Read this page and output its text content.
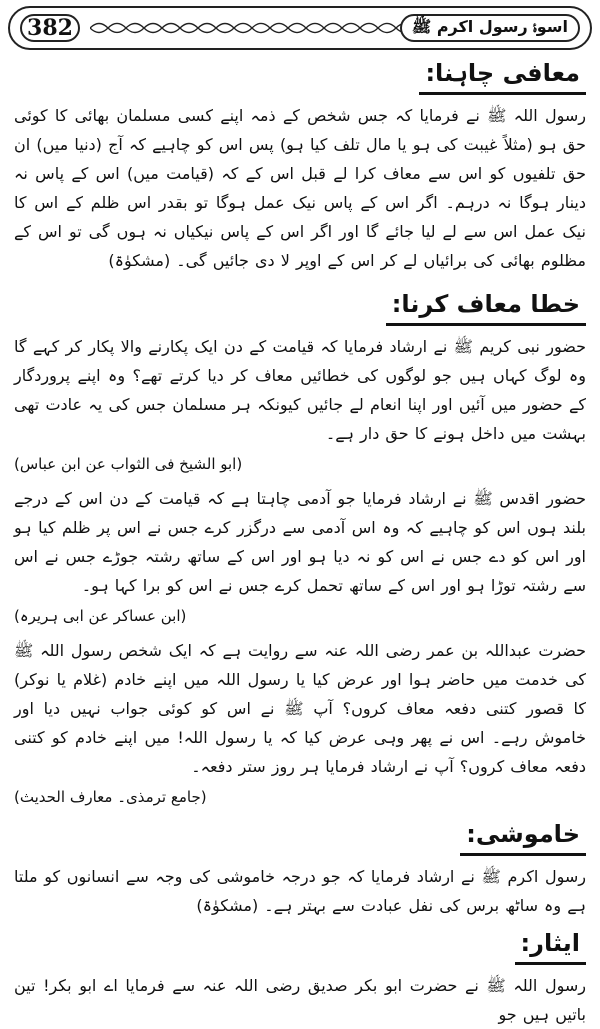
382	اسوۂ رسول اکرم ﷺ
معافی چاہنا:

رسول اللہ ﷺ نے فرمایا کہ جس شخص کے ذمہ اپنے کسی مسلمان بھائی کا کوئی حق ہو (مثلاً غیبت کی ہو یا مال تلف کیا ہو) پس اس کو چاہیے کہ آج (دنیا میں) ان حق تلفیوں کو اس سے معاف کرا لے قبل اس کے کہ (قیامت میں) اس کے پاس نہ دینار ہوگا نہ درہم۔ اگر اس کے پاس نیک عمل ہوگا تو بقدر اس ظلم کے اس کا نیک عمل اس سے لے لیا جائے گا اور اگر اس کے پاس نیکیاں نہ ہوں گی تو اس کے مظلوم بھائی کی برائیاں لے کر اس کے اوپر لا دی جائیں گی۔ (مشکوٰۃ)

خطا معاف کرنا:

حضور نبی کریم ﷺ نے ارشاد فرمایا کہ قیامت کے دن ایک پکارنے والا پکار کر کہے گا وہ لوگ کہاں ہیں جو لوگوں کی خطائیں معاف کر دیا کرتے تھے؟ وہ اپنے پروردگار کے حضور میں آئیں اور اپنا انعام لے جائیں کیونکہ ہر مسلمان جس کی یہ عادت تھی بہشت میں داخل ہونے کا حق دار ہے۔

(ابو الشیخ فی الثواب عن ابن عباس)

حضور اقدس ﷺ نے ارشاد فرمایا جو آدمی چاہتا ہے کہ قیامت کے دن اس کے درجے بلند ہوں اس کو چاہیے کہ وہ اس آدمی سے درگزر کرے جس نے اس پر ظلم کیا ہو اور اس کو دے جس نے اس کو نہ دیا ہو اور اس کے ساتھ رشتہ جوڑے جس نے اس سے رشتہ توڑا ہو اور اس کے ساتھ تحمل کرے جس نے اس کو برا کہا ہو۔

(ابن عساکر عن ابی ہریرہ)

حضرت عبداللہ بن عمر رضی اللہ عنہ سے روایت ہے کہ ایک شخص رسول اللہ ﷺ کی خدمت میں حاضر ہوا اور عرض کیا یا رسول اللہ میں اپنے خادم (غلام یا نوکر) کا قصور کتنی دفعہ معاف کروں؟ آپ ﷺ نے اس کو کوئی جواب نہیں دیا اور خاموش رہے۔ اس نے پھر وہی عرض کیا کہ یا رسول اللہ! میں اپنے خادم کو کتنی دفعہ معاف کروں؟ آپ نے ارشاد فرمایا ہر روز ستر دفعہ۔

(جامع ترمذی۔ معارف الحدیث)
خاموشی:

رسول اکرم ﷺ نے ارشاد فرمایا کہ جو درجہ خاموشی کی وجہ سے انسانوں کو ملتا ہے وہ ساٹھ برس کی نفل عبادت سے بہتر ہے۔ (مشکوٰۃ)

ایثار:

رسول اللہ ﷺ نے حضرت ابو بکر صدیق رضی اللہ عنہ سے فرمایا اے ابو بکر! تین باتیں ہیں جو
